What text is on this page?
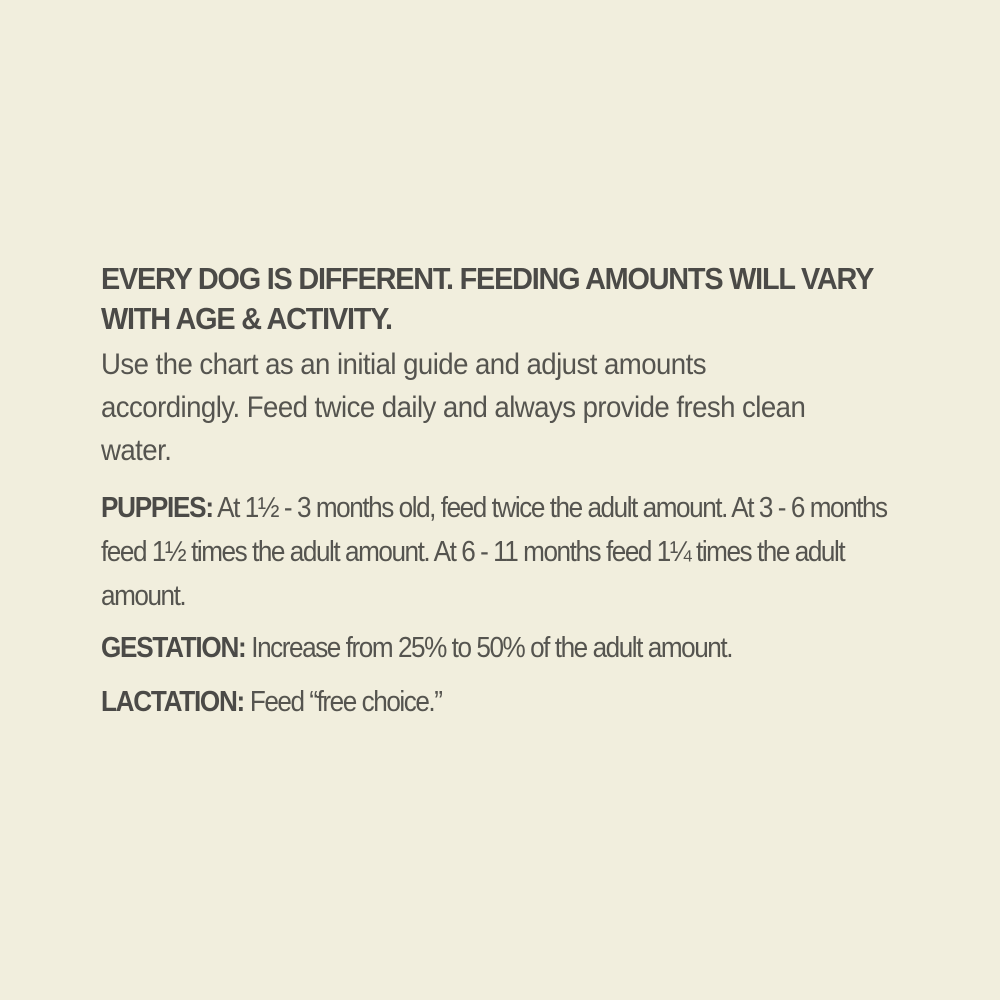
EVERY DOG IS DIFFERENT. FEEDING AMOUNTS WILL VARY WITH AGE & ACTIVITY.

Use the chart as an initial guide and adjust amounts accordingly. Feed twice daily and always provide fresh clean water.

PUPPIES: At 1½ - 3 months old, feed twice the adult amount. At 3 - 6 months feed 1½ times the adult amount. At 6 - 11 months feed 1¼ times the adult amount.

GESTATION: Increase from 25% to 50% of the adult amount.

LACTATION: Feed “free choice.”
